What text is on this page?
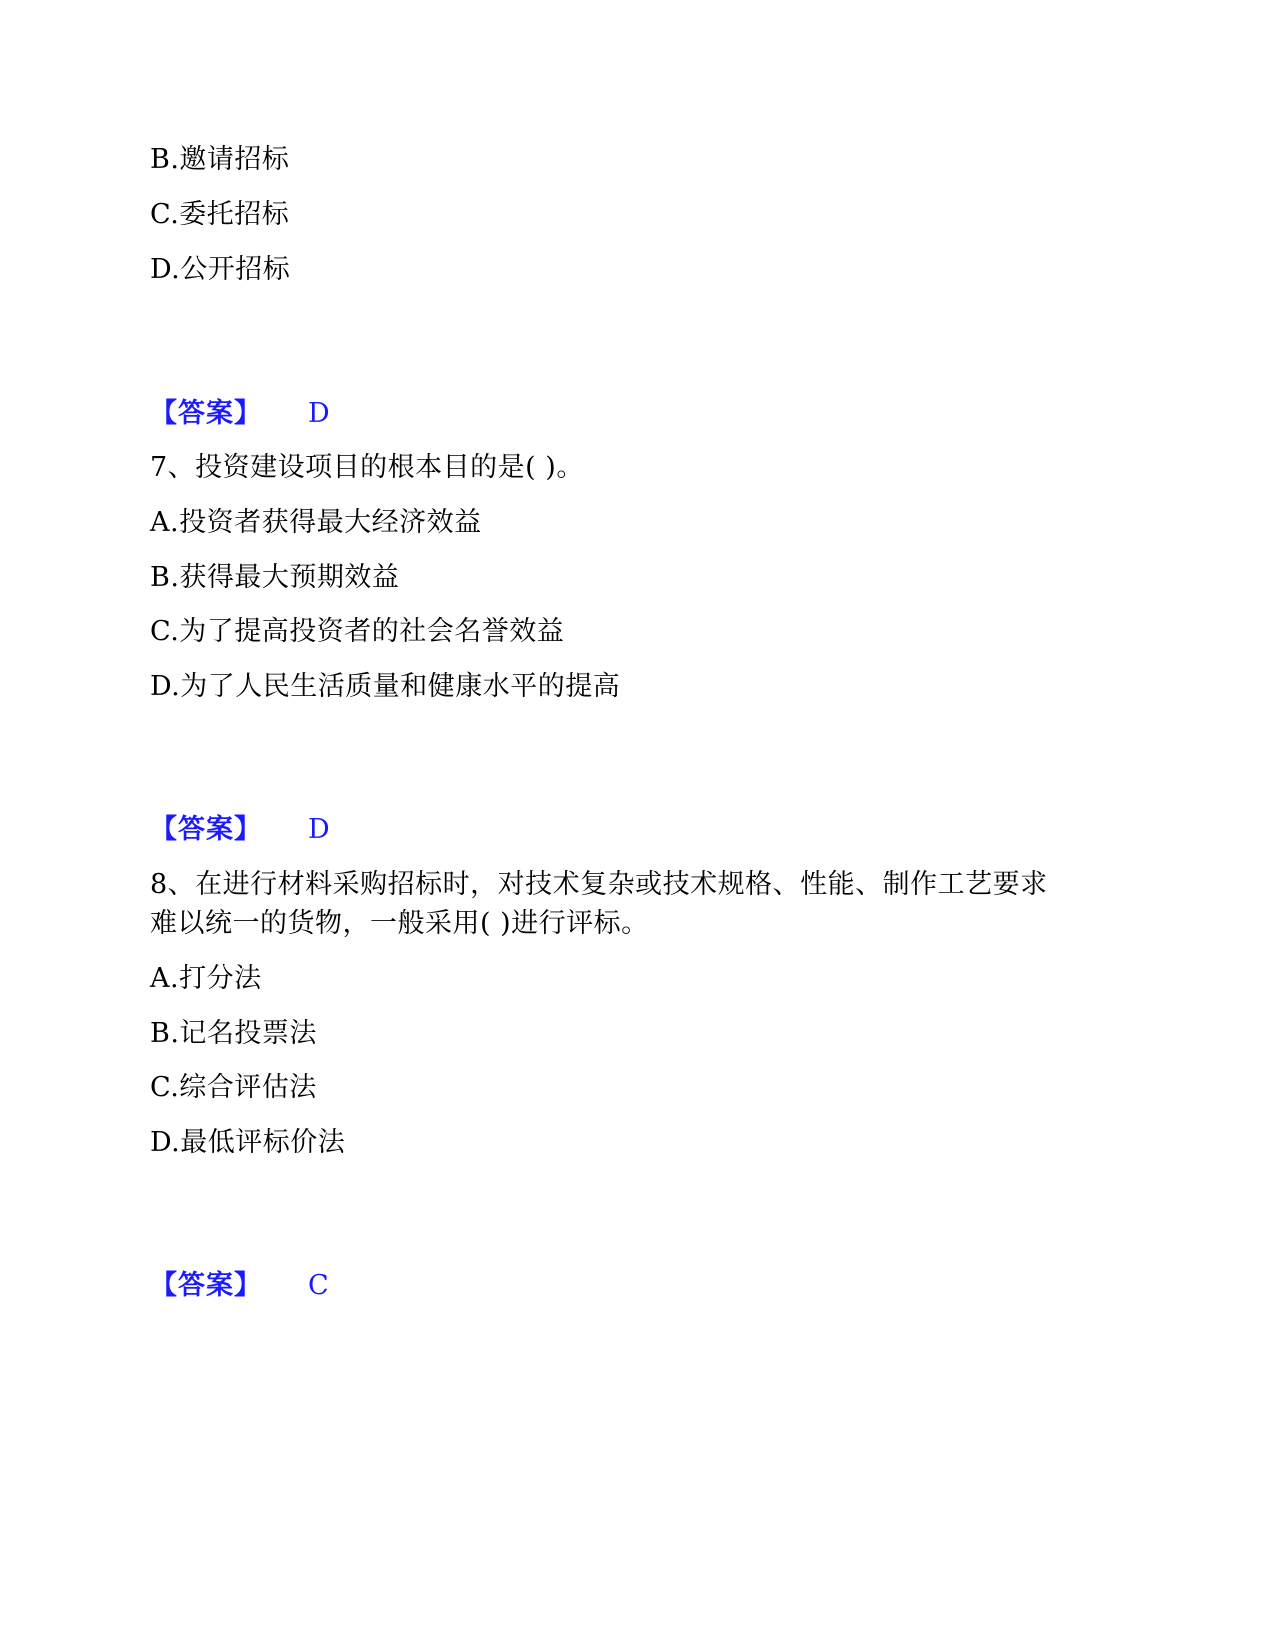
B.邀请招标
C.委托招标
D.公开招标
【答案】 D
7、投资建设项目的根本目的是( )。
A.投资者获得最大经济效益
B.获得最大预期效益
C.为了提高投资者的社会名誉效益
D.为了人民生活质量和健康水平的提高
【答案】 D
8、在进行材料采购招标时，对技术复杂或技术规格、性能、制作工艺要求
难以统一的货物，一般采用( )进行评标。
A.打分法
B.记名投票法
C.综合评估法
D.最低评标价法
【答案】 C
